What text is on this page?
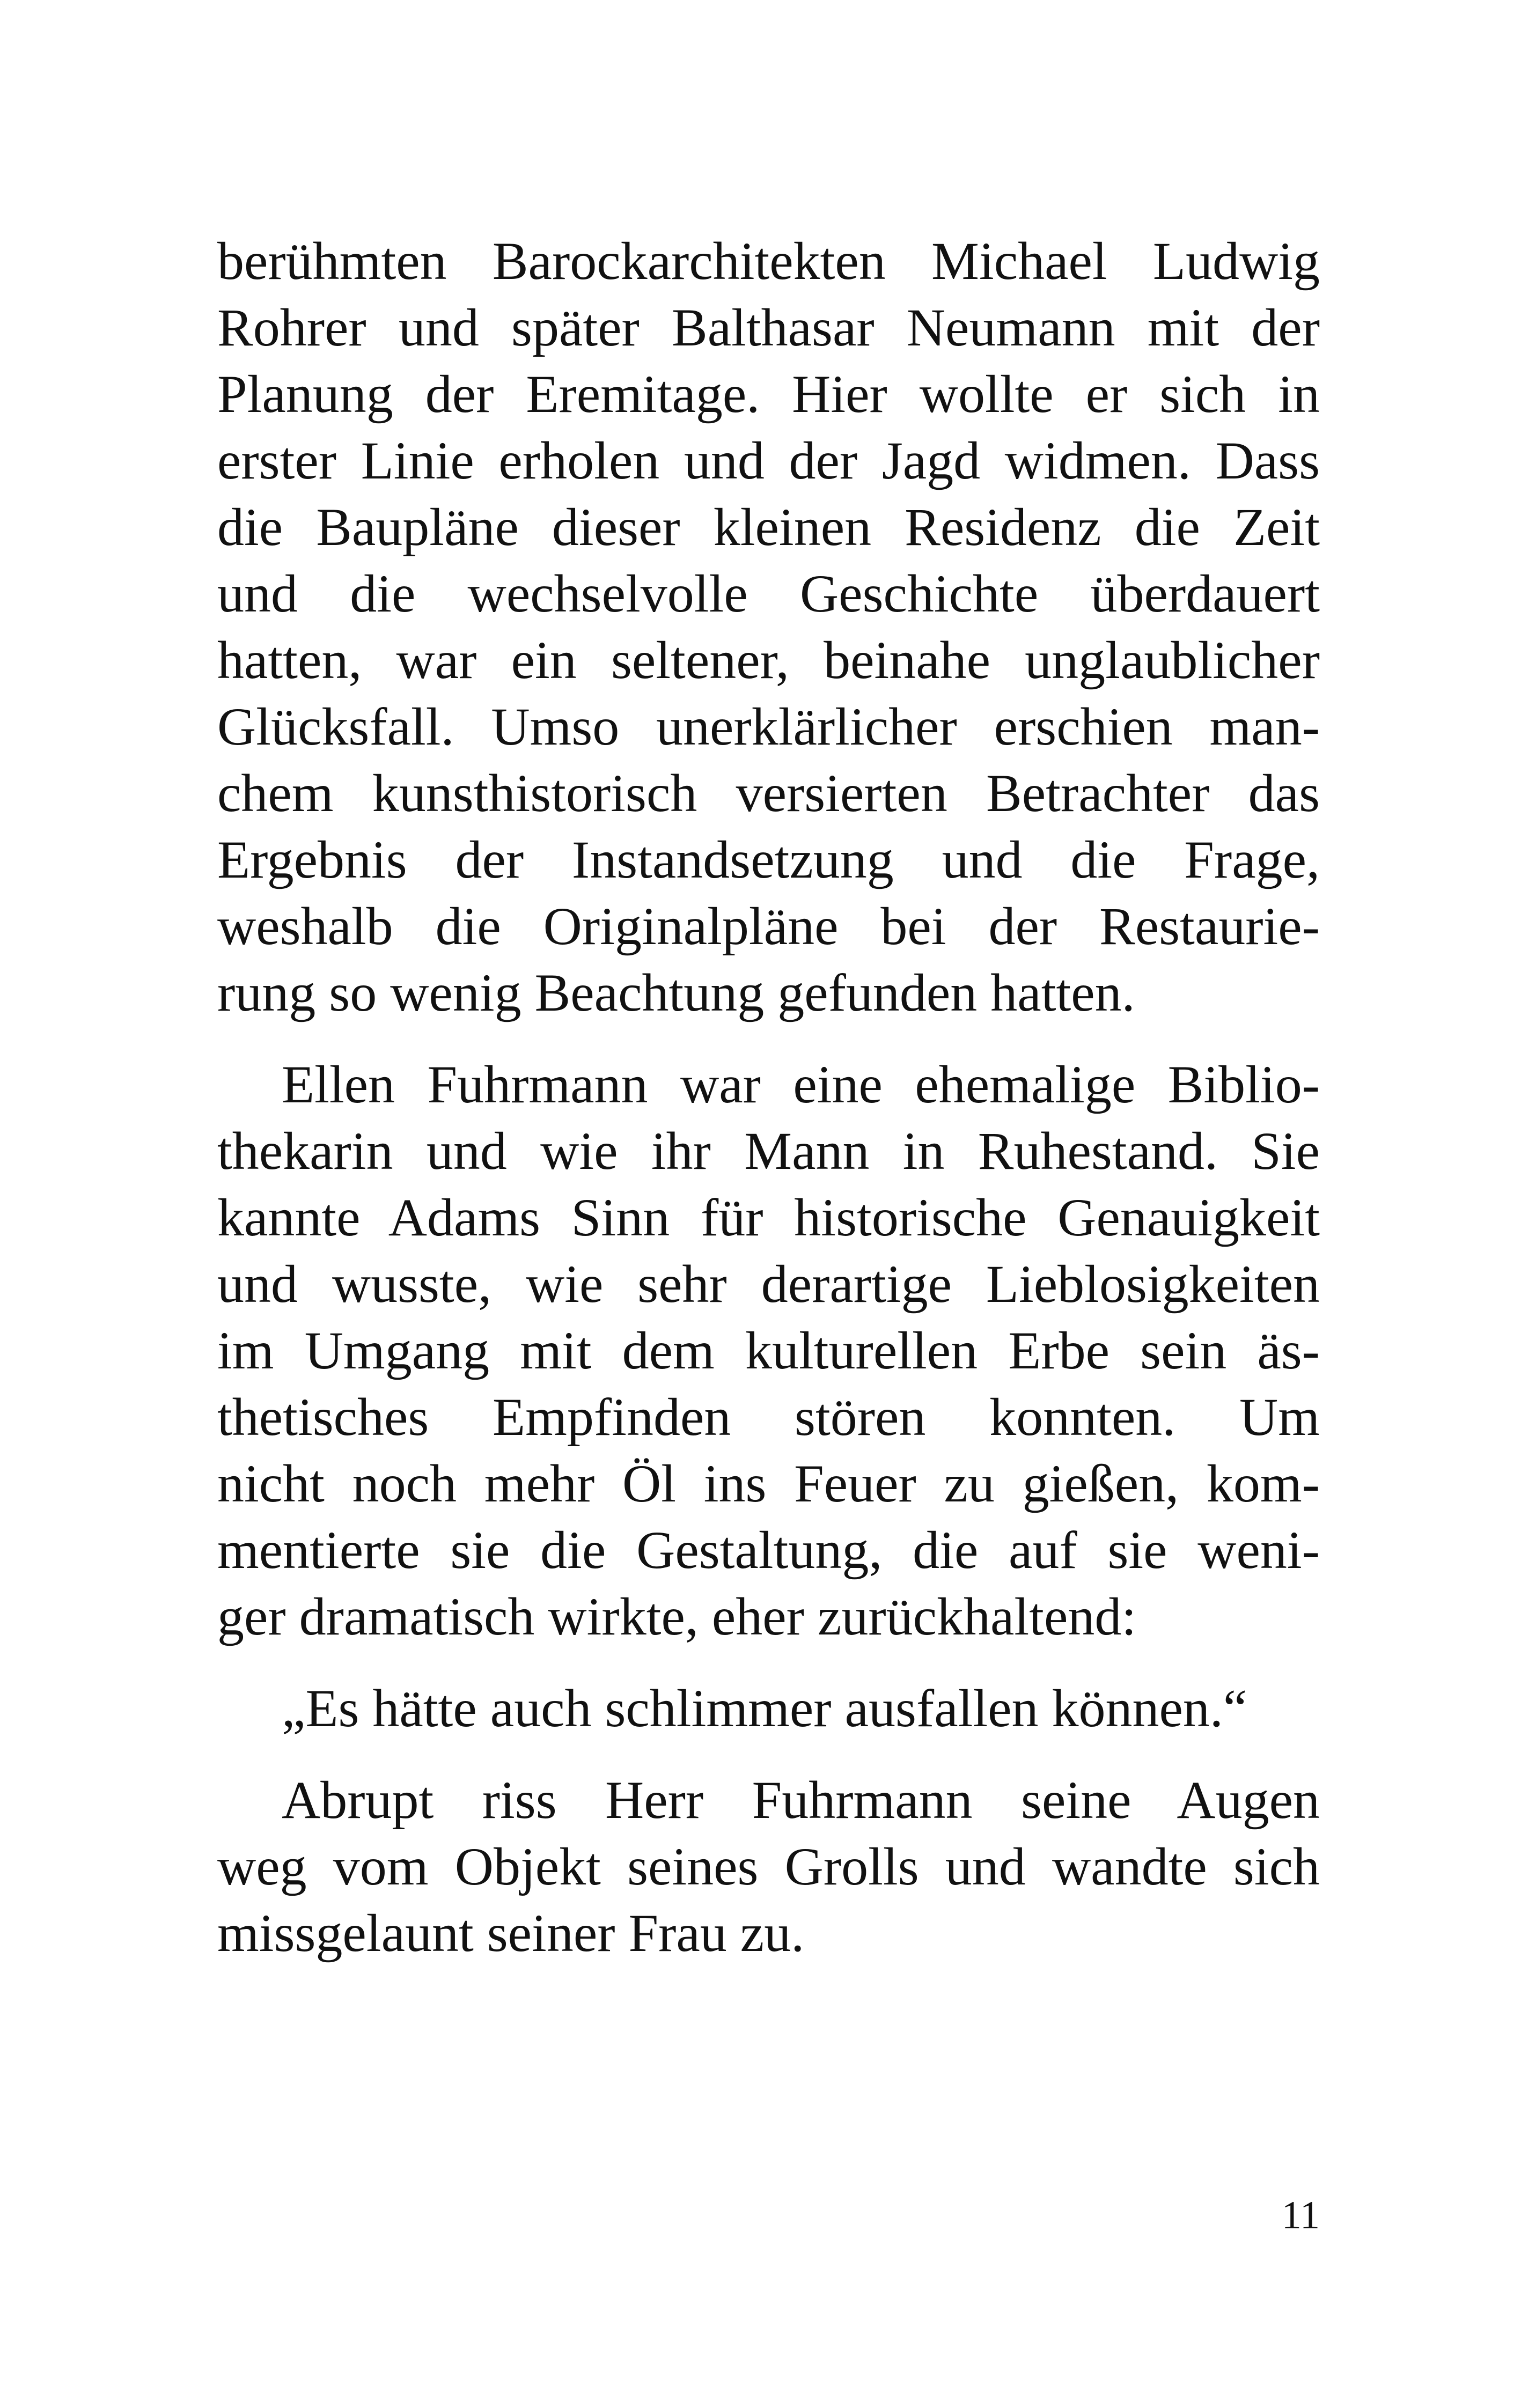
berühmten Barockarchitekten Michael Ludwig
Rohrer und später Balthasar Neumann mit der
Planung der Eremitage. Hier wollte er sich in
erster Linie erholen und der Jagd widmen. Dass
die Baupläne dieser kleinen Residenz die Zeit
und die wechselvolle Geschichte überdauert
hatten, war ein seltener, beinahe unglaublicher
Glücksfall. Umso unerklärlicher erschien man-
chem kunsthistorisch versierten Betrachter das
Ergebnis der Instandsetzung und die Frage,
weshalb die Originalpläne bei der Restaurie-
rung so wenig Beachtung gefunden hatten.
Ellen Fuhrmann war eine ehemalige Biblio-
thekarin und wie ihr Mann in Ruhestand. Sie
kannte Adams Sinn für historische Genauigkeit
und wusste, wie sehr derartige Lieblosigkeiten
im Umgang mit dem kulturellen Erbe sein äs-
thetisches Empfinden stören konnten. Um
nicht noch mehr Öl ins Feuer zu gießen, kom-
mentierte sie die Gestaltung, die auf sie weni-
ger dramatisch wirkte, eher zurückhaltend:
„Es hätte auch schlimmer ausfallen können.“
Abrupt riss Herr Fuhrmann seine Augen
weg vom Objekt seines Grolls und wandte sich
missgelaunt seiner Frau zu.
11
